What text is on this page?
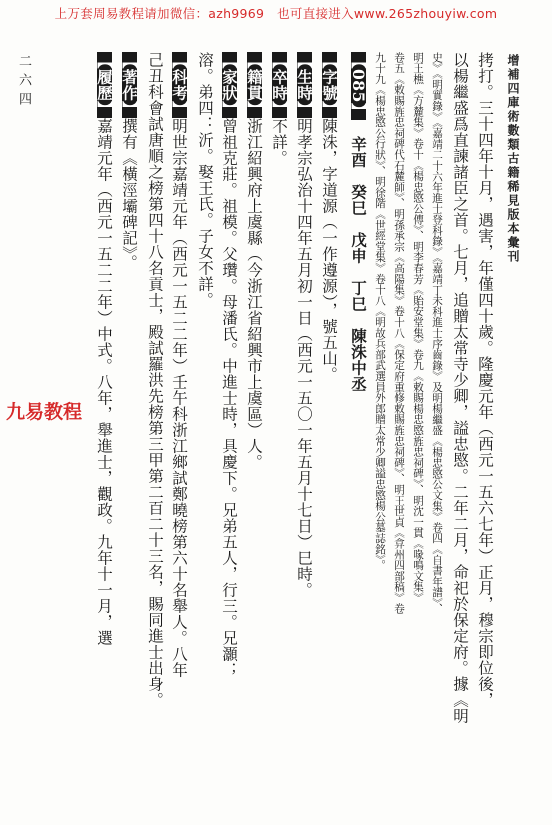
上万套周易教程请加微信：azh9969　也可直接进入www.265zhouyiw.com
增補四庫術數類古籍稀見版本彙刊
二六四	拷打。三十四年十月，遇害，年僅四十歲。隆慶元年（西元一五六七年）正月，穆宗即位後，
以楊繼盛爲直諫諸臣之首。七月，追贈太常寺少卿，謚忠愍。二年二月，命祀於保定府。據《明
史》《明實錄》《嘉靖二十六年進士登科錄》《嘉靖丁未科進士序齒錄》及明楊繼盛《楊忠愍公文集》卷四《自書年譜》、
明王樵《方麓集》卷十《楊忠愍公傳》、明李春芳《貽安堂集》卷九《敕賜楊忠愍旌忠祠碑》、明沈一貫《喙鳴文集》
卷五《敕賜旌忠祠碑代石麓師》、明孫承宗《高陽集》卷十八《保定府重修敕賜旌忠祠碑》、明王世貞《弇州四部稿》卷
九十九《楊忠愍公行狀》、明徐階《世經堂集》卷十八《明故兵部武選員外郎贈太常少卿謚忠愍楊公墓誌銘》。
【 085 】　辛酉　癸巳　戊申　丁巳　陳洙中丞
【 字號 】陳洙，字道源（一作遵源），號五山。
【 生時 】明孝宗弘治十四年五月初一日（西元一五〇一年五月十七日）巳時。
【 卒時 】不詳。
【 籍貫 】浙江紹興府上虞縣（今浙江省紹興市上虞區）人。
【 家狀 】曾祖克莊。祖模。父瓚。母潘氏。中進士時，具慶下。兄弟五人，行三。兄灝；
溶。弟四：沂。娶王氏。子女不詳。
【 科考 】明世宗嘉靖元年（西元一五二二年）壬午科浙江鄉試鄭曉榜第六十名舉人。八年
己丑科會試唐順之榜第四十八名貢士，殿試羅洪先榜第三甲第二百二十三名，賜同進士出身。
【 著作 】撰有《橫涇壩碑記》。
【 履歷 】嘉靖元年（西元一五二二年）中式。八年，舉進士，觀政。九年十一月，選
九易教程
